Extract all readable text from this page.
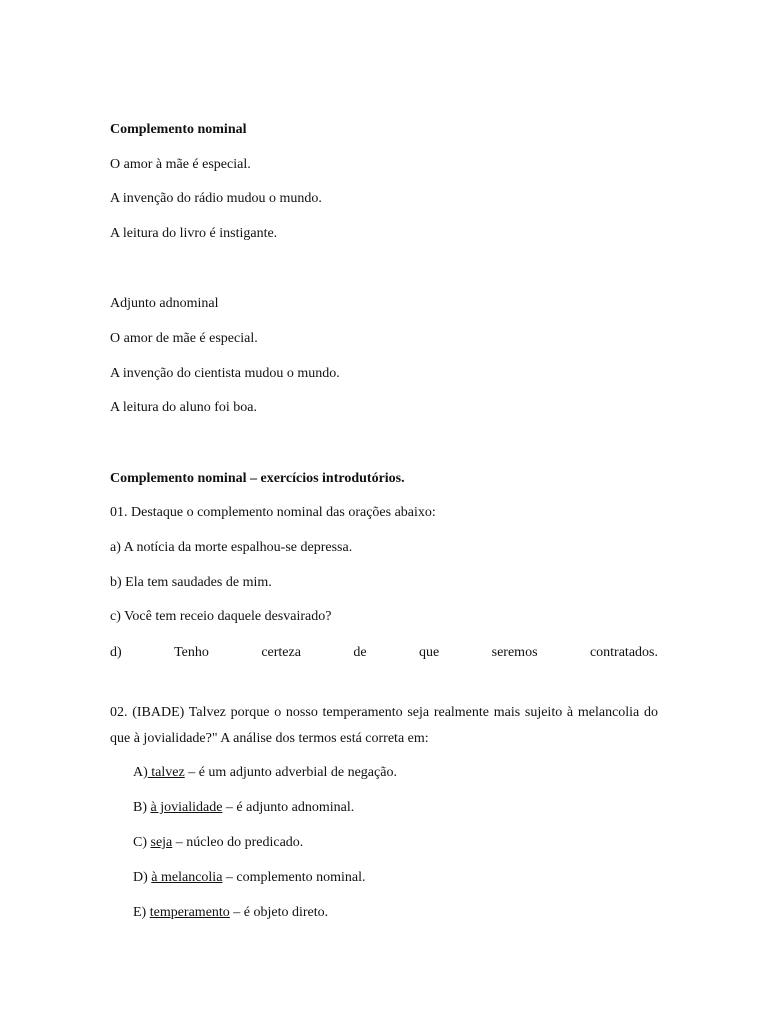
Complemento nominal
O amor à mãe é especial.
A invenção do rádio mudou o mundo.
A leitura do livro é instigante.
Adjunto adnominal
O amor de mãe é especial.
A invenção do cientista mudou o mundo.
A leitura do aluno foi boa.
Complemento nominal – exercícios introdutórios.
01. Destaque o complemento nominal das orações abaixo:
a) A notícia da morte espalhou-se depressa.
b) Ela tem saudades de mim.
c) Você tem receio daquele desvairado?
d)	Tenho	certeza	de	que	seremos	contratados.
02. (IBADE) Talvez porque o nosso temperamento seja realmente mais sujeito à melancolia do que à jovialidade?" A análise dos termos está correta em:
A) talvez – é um adjunto adverbial de negação.
B) à jovialidade – é adjunto adnominal.
C) seja – núcleo do predicado.
D) à melancolia – complemento nominal.
E) temperamento – é objeto direto.
